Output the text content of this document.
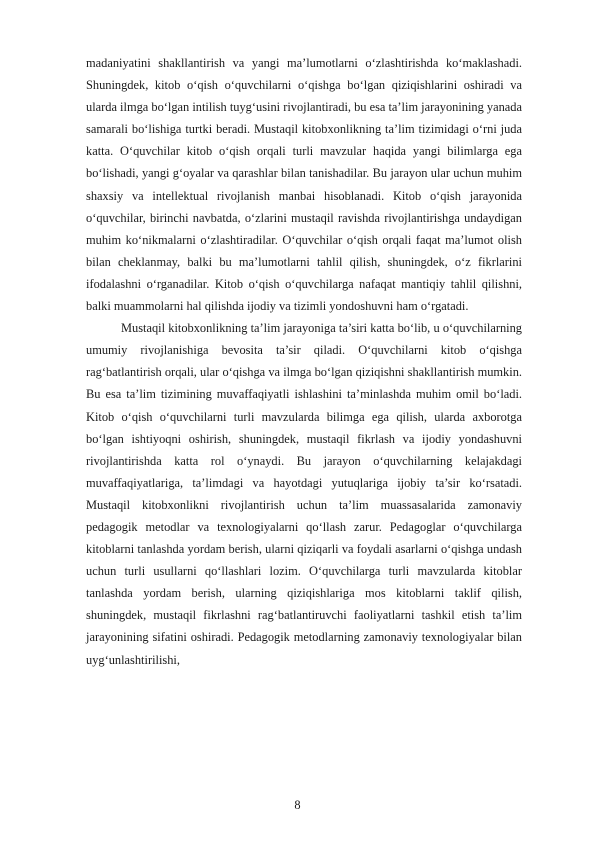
madaniyatini shakllantirish va yangi ma’lumotlarni o‘zlashtirishda ko‘maklashadi. Shuningdek, kitob o‘qish o‘quvchilarni o‘qishga bo‘lgan qiziqishlarini oshiradi va ularda ilmga bo‘lgan intilish tuyg‘usini rivojlantiradi, bu esa ta’lim jarayonining yanada samarali bo‘lishiga turtki beradi. Mustaqil kitobxonlikning ta’lim tizimidagi o‘rni juda katta. O‘quvchilar kitob o‘qish orqali turli mavzular haqida yangi bilimlarga ega bo‘lishadi, yangi g‘oyalar va qarashlar bilan tanishadilar. Bu jarayon ular uchun muhim shaxsiy va intellektual rivojlanish manbai hisoblanadi. Kitob o‘qish jarayonida o‘quvchilar, birinchi navbatda, o‘zlarini mustaqil ravishda rivojlantirishga undaydigan muhim ko‘nikmalarni o‘zlashtiradilar. O‘quvchilar o‘qish orqali faqat ma’lumot olish bilan cheklanmay, balki bu ma’lumotlarni tahlil qilish, shuningdek, o‘z fikrlarini ifodalashni o‘rganadilar. Kitob o‘qish o‘quvchilarga nafaqat mantiqiy tahlil qilishni, balki muammolarni hal qilishda ijodiy va tizimli yondoshuvni ham o‘rgatadi.

Mustaqil kitobxonlikning ta’lim jarayoniga ta’siri katta bo‘lib, u o‘quvchilarning umumiy rivojlanishiga bevosita ta’sir qiladi. O‘quvchilarni kitob o‘qishga rag‘batlantirish orqali, ular o‘qishga va ilmga bo‘lgan qiziqishni shakllantirish mumkin. Bu esa ta’lim tizimining muvaffaqiyatli ishlashini ta’minlashda muhim omil bo‘ladi. Kitob o‘qish o‘quvchilarni turli mavzularda bilimga ega qilish, ularda axborotga bo‘lgan ishtiyoqni oshirish, shuningdek, mustaqil fikrlash va ijodiy yondashuvni rivojlantirishda katta rol o‘ynaydi. Bu jarayon o‘quvchilarning kelajakdagi muvaffaqiyatlariga, ta’limdagi va hayotdagi yutuqlariga ijobiy ta’sir ko‘rsatadi. Mustaqil kitobxonlikni rivojlantirish uchun ta’lim muassasalarida zamonaviy pedagogik metodlar va texnologiyalarni qo‘llash zarur. Pedagoglar o‘quvchilarga kitoblarni tanlashda yordam berish, ularni qiziqarli va foydali asarlarni o‘qishga undash uchun turli usullarni qo‘llashlari lozim. O‘quvchilarga turli mavzularda kitoblar tanlashda yordam berish, ularning qiziqishlariga mos kitoblarni taklif qilish, shuningdek, mustaqil fikrlashni rag‘batlantiruvchi faoliyatlarni tashkil etish ta’lim jarayonining sifatini oshiradi. Pedagogik metodlarning zamonaviy texnologiyalar bilan uyg‘unlashtirilishi,

8
